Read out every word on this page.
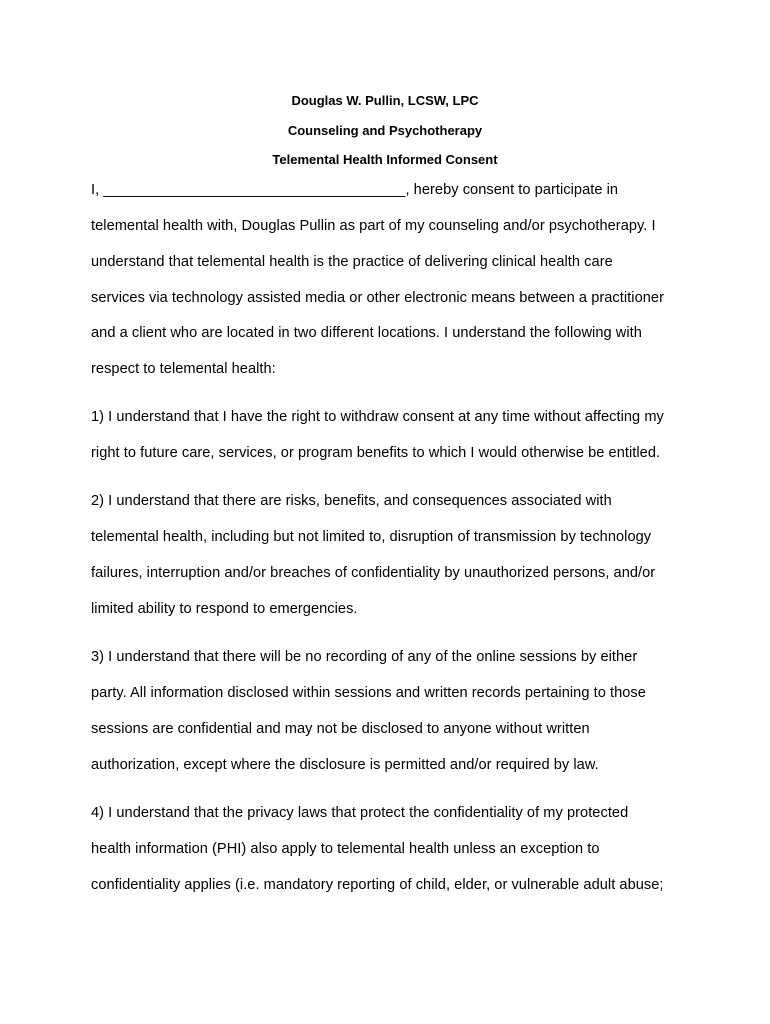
Douglas W. Pullin, LCSW, LPC
Counseling and Psychotherapy
Telemental Health Informed Consent
I, _____________________________________, hereby consent to participate in
telemental health with, Douglas Pullin as part of my counseling and/or psychotherapy. I
understand that telemental health is the practice of delivering clinical health care
services via technology assisted media or other electronic means between a practitioner
and a client who are located in two different locations. I understand the following with
respect to telemental health:
1) I understand that I have the right to withdraw consent at any time without affecting my
right to future care, services, or program benefits to which I would otherwise be entitled.
2) I understand that there are risks, benefits, and consequences associated with
telemental health, including but not limited to, disruption of transmission by technology
failures, interruption and/or breaches of confidentiality by unauthorized persons, and/or
limited ability to respond to emergencies.
3) I understand that there will be no recording of any of the online sessions by either
party. All information disclosed within sessions and written records pertaining to those
sessions are confidential and may not be disclosed to anyone without written
authorization, except where the disclosure is permitted and/or required by law.
4) I understand that the privacy laws that protect the confidentiality of my protected
health information (PHI) also apply to telemental health unless an exception to
confidentiality applies (i.e. mandatory reporting of child, elder, or vulnerable adult abuse;
